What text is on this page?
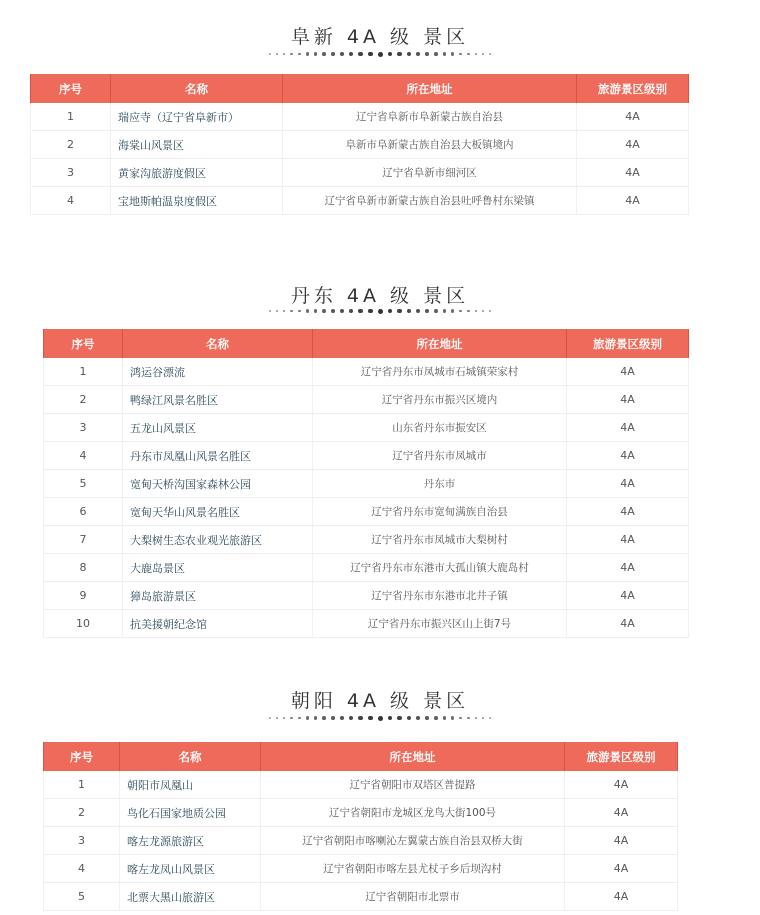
阜新 4A 级 景区
序号	名称	所在地址	旅游景区级别
1	瑞应寺（辽宁省阜新市）	辽宁省阜新市阜新蒙古族自治县	4A
2	海棠山风景区	阜新市阜新蒙古族自治县大板镇境内	4A
3	黄家沟旅游度假区	辽宁省阜新市细河区	4A
4	宝地斯帕温泉度假区	辽宁省阜新市新蒙古族自治县吐呼鲁村东梁镇	4A
丹东 4A 级 景区
序号	名称	所在地址	旅游景区级别
1	鸿运谷漂流	辽宁省丹东市凤城市石城镇荣家村	4A
2	鸭绿江风景名胜区	辽宁省丹东市振兴区境内	4A
3	五龙山风景区	山东省丹东市振安区	4A
4	丹东市凤凰山风景名胜区	辽宁省丹东市凤城市	4A
5	宽甸天桥沟国家森林公园	丹东市	4A
6	宽甸天华山风景名胜区	辽宁省丹东市宽甸满族自治县	4A
7	大梨树生态农业观光旅游区	辽宁省丹东市凤城市大梨树村	4A
8	大鹿岛景区	辽宁省丹东市东港市大孤山镇大鹿岛村	4A
9	獐岛旅游景区	辽宁省丹东市东港市北井子镇	4A
10	抗美援朝纪念馆	辽宁省丹东市振兴区山上街7号	4A
朝阳 4A 级 景区
序号	名称	所在地址	旅游景区级别
1	朝阳市凤凰山	辽宁省朝阳市双塔区普提路	4A
2	鸟化石国家地质公园	辽宁省朝阳市龙城区龙鸟大街100号	4A
3	喀左龙源旅游区	辽宁省朝阳市喀喇沁左翼蒙古族自治县双桥大街	4A
4	喀左龙凤山风景区	辽宁省朝阳市喀左县尤杖子乡后坝沟村	4A
5	北票大黑山旅游区	辽宁省朝阳市北票市	4A
